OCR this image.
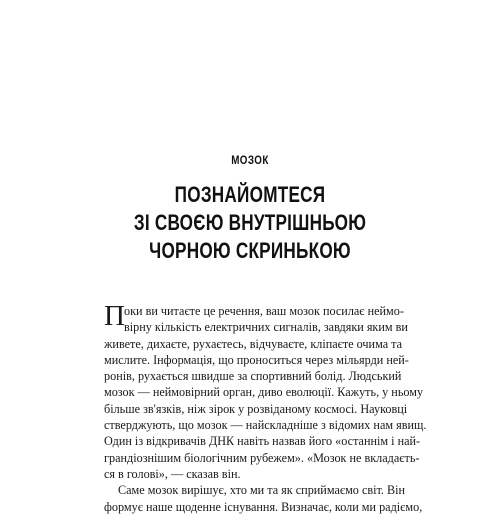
МОЗОК
ПОЗНАЙОМТЕСЯ
ЗІ СВОЄЮ ВНУТРІШНЬОЮ
ЧОРНОЮ СКРИНЬКОЮ
П оки ви читаєте це речення, ваш мозок посилає неймо-
вірну кількість електричних сигналів, завдяки яким ви
живете, дихаєте, рухаєтесь, відчуваєте, кліпаєте очима та
мислите. Інформація, що проноситься через мільярди ней-
ронів, рухається швидше за спортивний болід. Людський
мозок — неймовірний орган, диво еволюції. Кажуть, у ньому
більше зв'язків, ніж зірок у розвіданому космосі. Науковці
стверджують, що мозок — найскладніше з відомих нам явищ.
Один із відкривачів ДНК навіть назвав його «останнім і най-
грандіознішим біологічним рубежем». «Мозок не вкладаєть-
ся в голові», — сказав він.
Саме мозок вирішує, хто ми та як сприймаємо світ. Він
формує наше щоденне існування. Визначає, коли ми радіємо,
